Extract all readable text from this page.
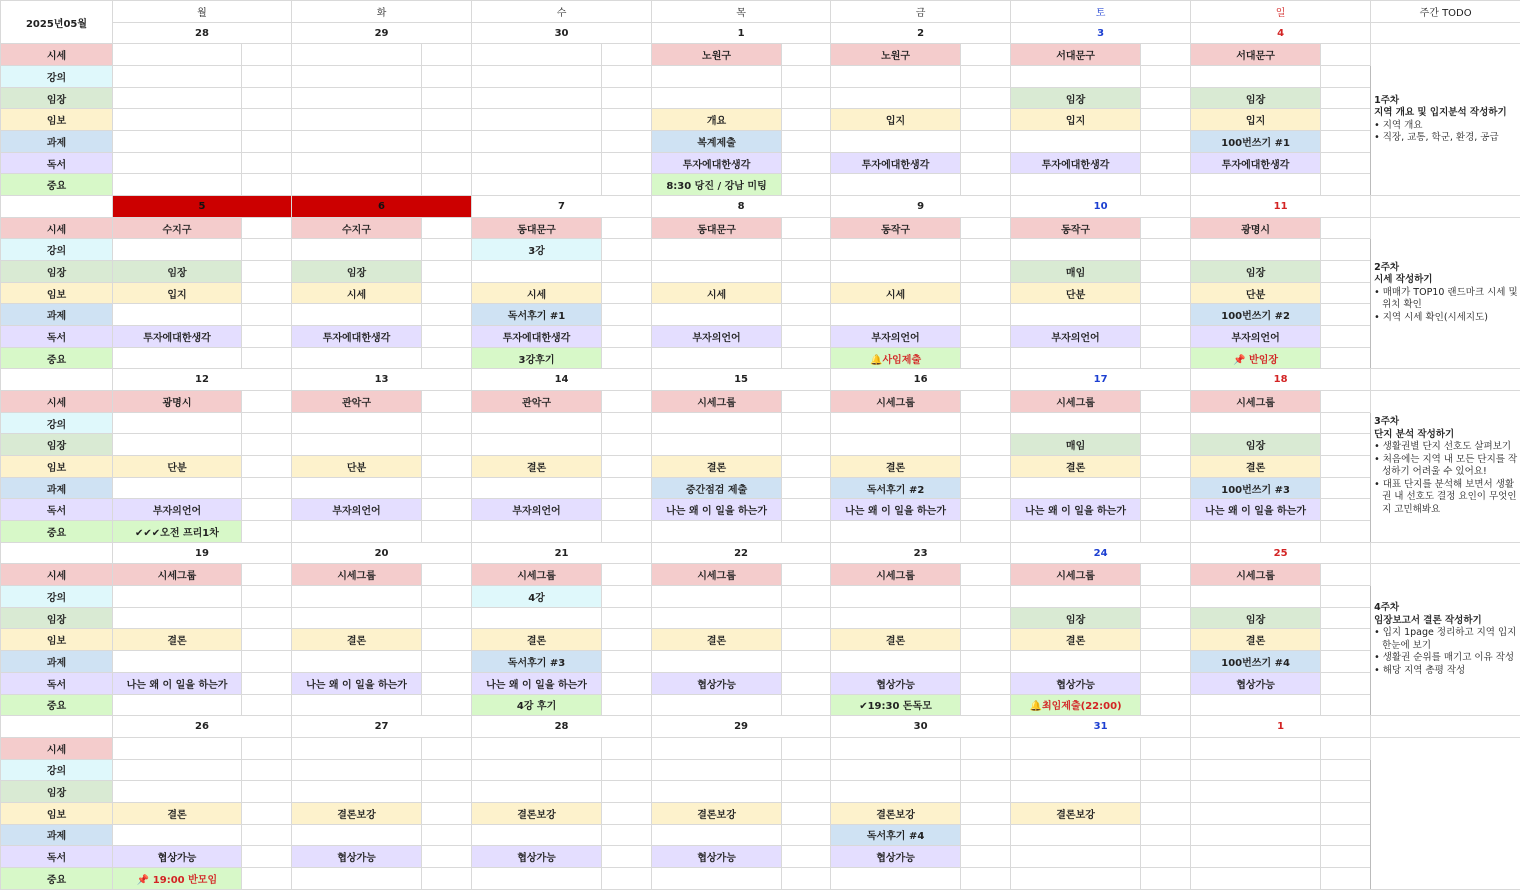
2025년05월	월		화		수		목		금		토		일		주간 TODO
	28		29		30		1		2		3		4		
시세							노원구		노원구		서대문구		서대문구		1주차
지역 개요 및 입지분석 작성하기
• 지역 개요
• 직장, 교통, 학군, 환경, 공급

강의															
임장											임장		임장		
임보							개요		입지		입지		입지		
과제							복계제출						100번쓰기 #1		
독서							투자에대한생각		투자에대한생각		투자에대한생각		투자에대한생각		
중요							8:30 당진 / 강남 미팅								
	5		6		7		8		9		10		11		
시세	수지구		수지구		동대문구		동대문구		동작구		동작구		광명시		2주차
시세 작성하기
• 매매가 TOP10 랜드마크 시세 및 위치 확인
• 지역 시세 확인(시세지도)

강의					3강										
임장	임장		임장								매임		임장		
임보	입지		시세		시세		시세		시세		단분		단분		
과제					독서후기 #1								100번쓰기 #2		
독서	투자에대한생각		투자에대한생각		투자에대한생각		부자의언어		부자의언어		부자의언어		부자의언어		
중요					3강후기				🔔사임제출				📌 반임장		
	12		13		14		15		16		17		18		
시세	광명시		관악구		관악구		시세그룹		시세그룹		시세그룹		시세그룹		3주차
단지 분석 작성하기
• 생활권별 단지 선호도 살펴보기
• 처음에는 지역 내 모든 단지를 작성하기 어려울 수 있어요!
• 대표 단지를 분석해 보면서 생활권 내 선호도 결정 요인이 무엇인지 고민해봐요

강의															
임장											매임		임장		
임보	단분		단분		결론		결론		결론		결론		결론		
과제							중간점검 제출		독서후기 #2				100번쓰기 #3		
독서	부자의언어		부자의언어		부자의언어		나는 왜 이 일을 하는가		나는 왜 이 일을 하는가		나는 왜 이 일을 하는가		나는 왜 이 일을 하는가		
중요	✔✔✔오전 프리1차														
	19		20		21		22		23		24		25		
시세	시세그룹		시세그룹		시세그룹		시세그룹		시세그룹		시세그룹		시세그룹		4주차
임장보고서 결론 작성하기
• 입지 1page 정리하고 지역 입지 한눈에 보기
• 생활권 순위를 매기고 이유 작성
• 해당 지역 총평 작성

강의					4강										
임장											임장		임장		
임보	결론		결론		결론		결론		결론		결론		결론		
과제					독서후기 #3								100번쓰기 #4		
독서	나는 왜 이 일을 하는가		나는 왜 이 일을 하는가		나는 왜 이 일을 하는가		협상가능		협상가능		협상가능		협상가능		
중요					4강 후기				✔19:30 돈독모		🔔최임제출(22:00)				
	26		27		28		29		30		31		1		
시세															
강의															
임장															
임보	결론		결론보강		결론보강		결론보강		결론보강		결론보강				
과제									독서후기 #4						
독서	협상가능		협상가능		협상가능		협상가능		협상가능						
중요	📌 19:00 반모임														
